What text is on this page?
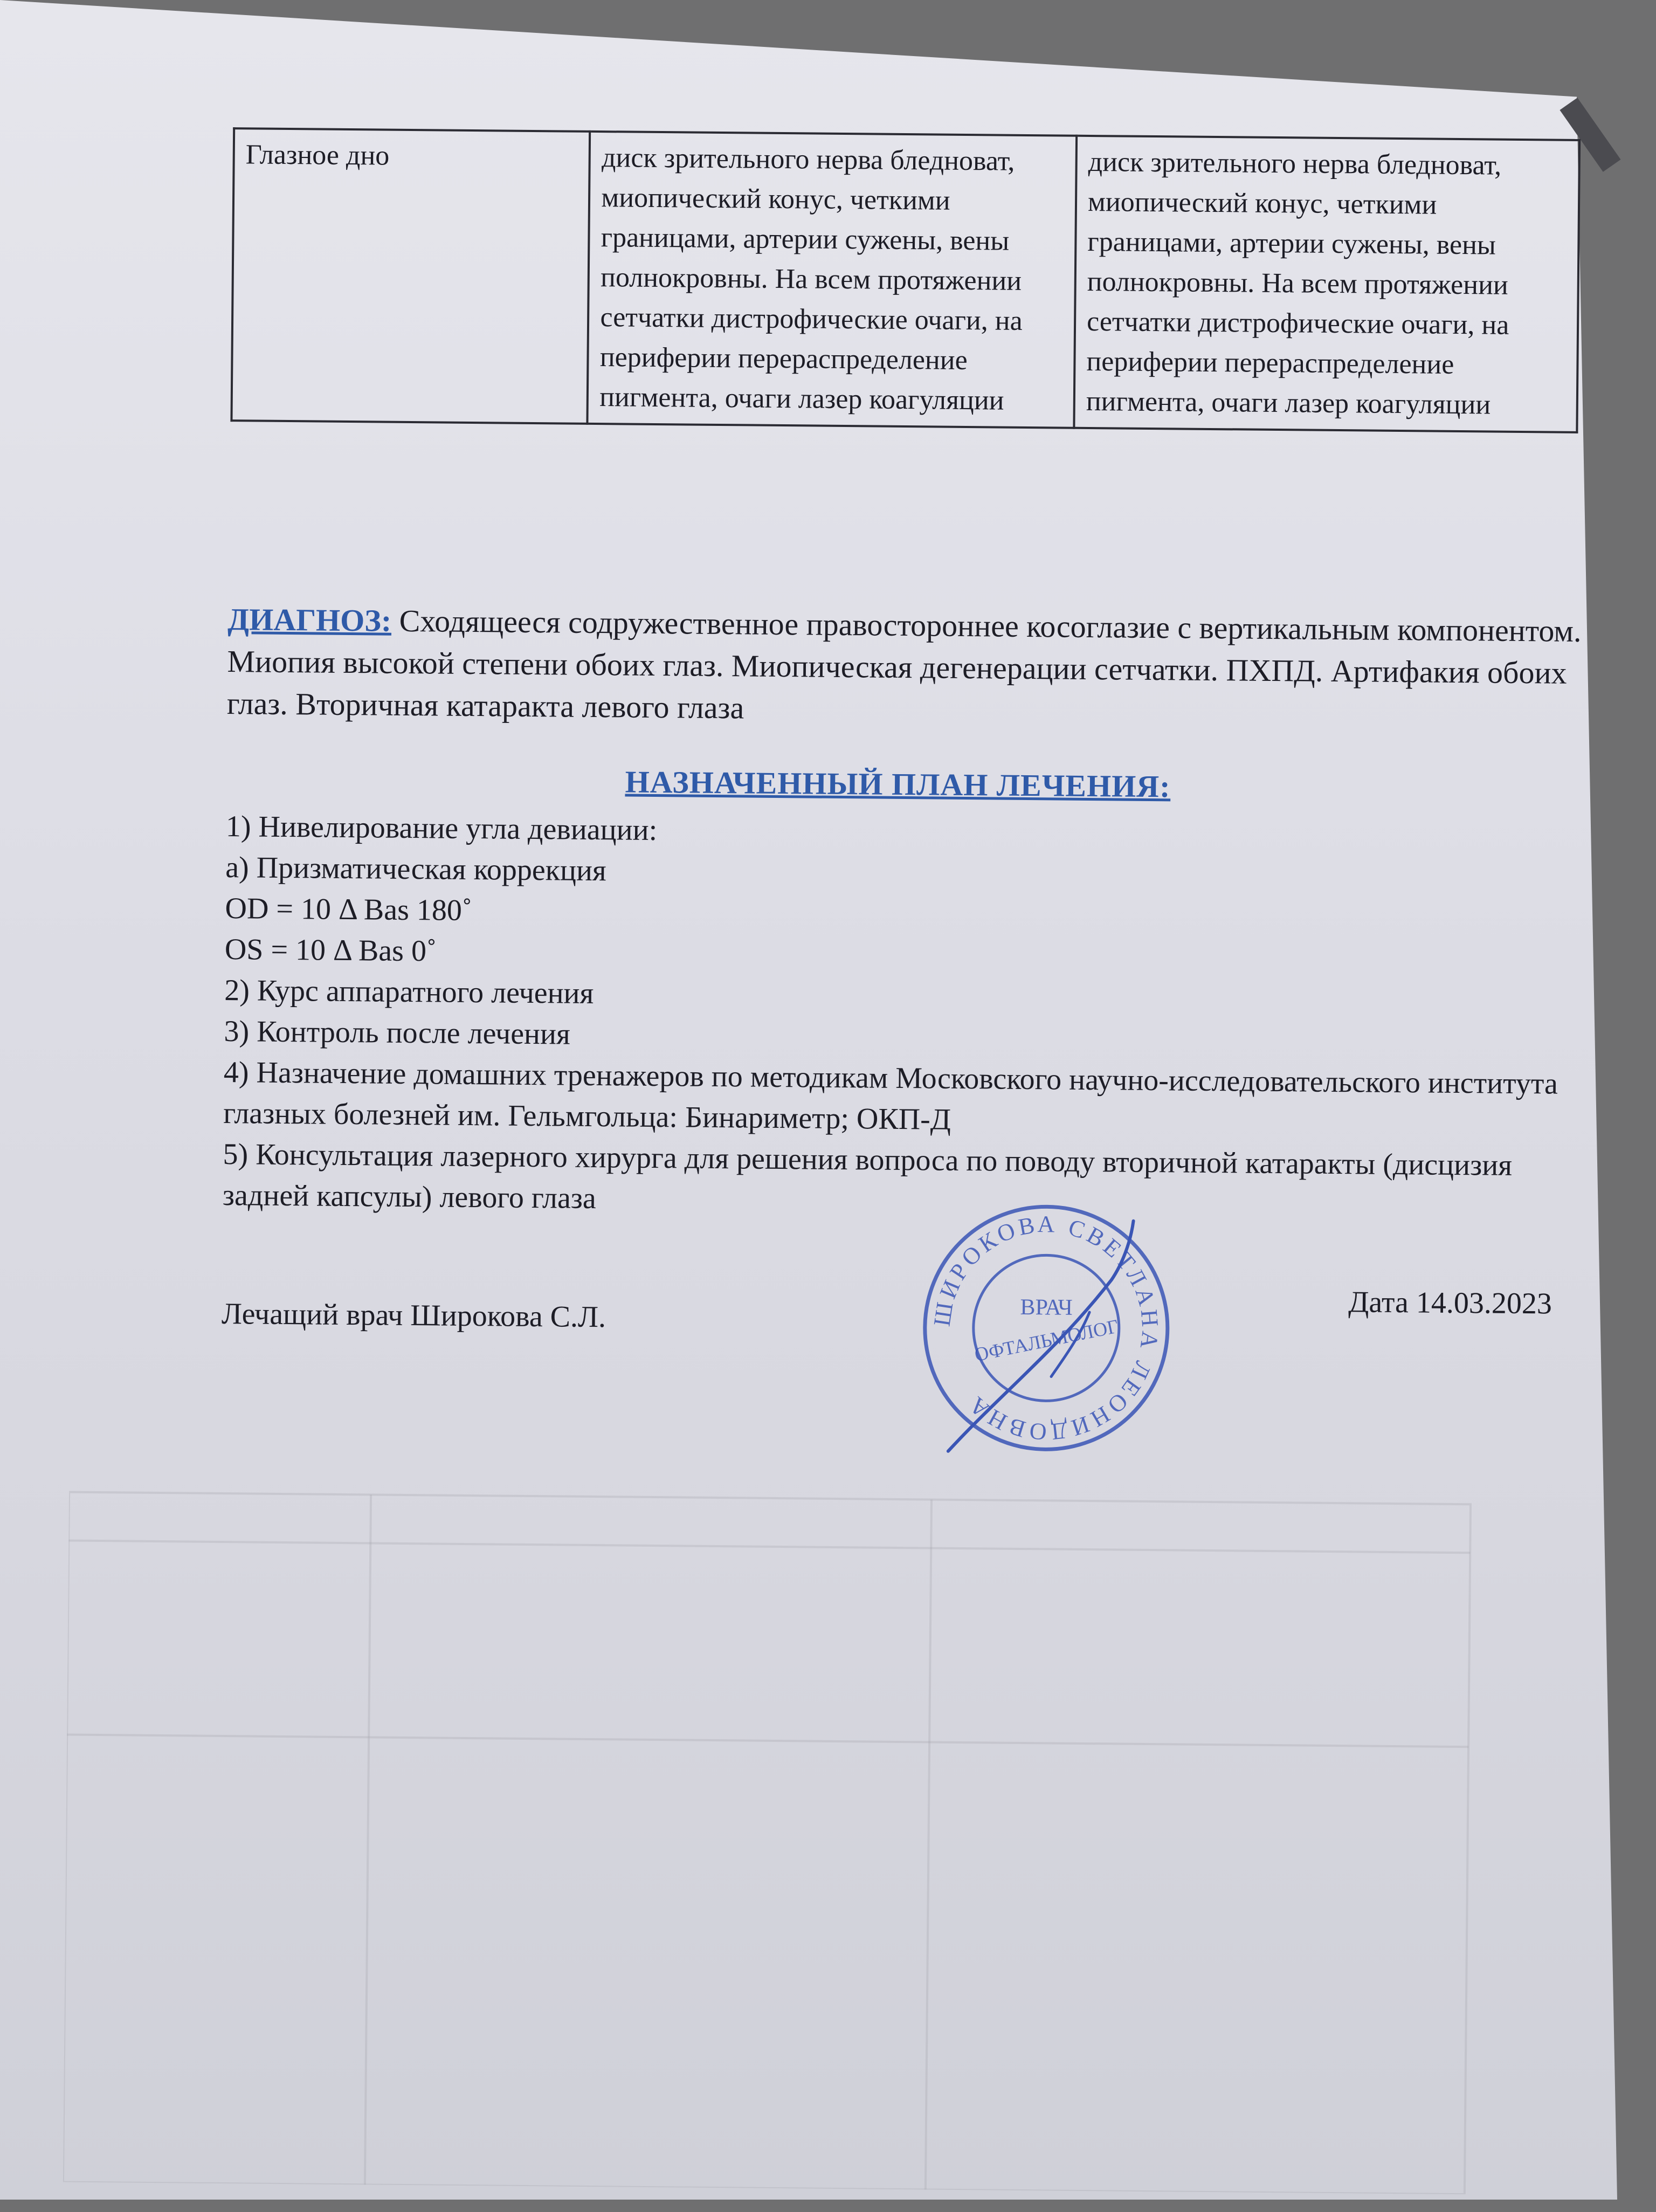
Глазное дно	диск зрительного нерва бледноват, миопический конус, четкими границами, артерии сужены, вены полнокровны. На всем протяжении сетчатки дистрофические очаги, на периферии перераспределение пигмента, очаги лазер коагуляции	диск зрительного нерва бледноват, миопический конус, четкими границами, артерии сужены, вены полнокровны. На всем протяжении сетчатки дистрофические очаги, на периферии перераспределение пигмента, очаги лазер коагуляции
ДИАГНОЗ: Сходящееся содружественное правостороннее косоглазие с вертикальным компонентом. Миопия высокой степени обоих глаз. Миопическая дегенерации сетчатки. ПХПД. Артифакия обоих глаз. Вторичная катаракта левого глаза
НАЗНАЧЕННЫЙ ПЛАН ЛЕЧЕНИЯ:
1) Нивелирование угла девиации:
а) Призматическая коррекция
OD = 10 Δ Bas 180˚
OS = 10 Δ Bas 0˚
2) Курс аппаратного лечения
3) Контроль после лечения
4) Назначение домашних тренажеров по методикам Московского научно-исследовательского института глазных болезней им. Гельмгольца: Бинариметр; ОКП-Д
5) Консультация лазерного хирурга для решения вопроса по поводу вторичной катаракты (дисцизия задней капсулы) левого глаза
Дата 14.03.2023
Лечащий врач Широкова С.Л.	ШИРОКОВА СВЕТЛАНА ЛЕОНИДОВНА
ВРАЧ
ОФТАЛЬМОЛОГ
